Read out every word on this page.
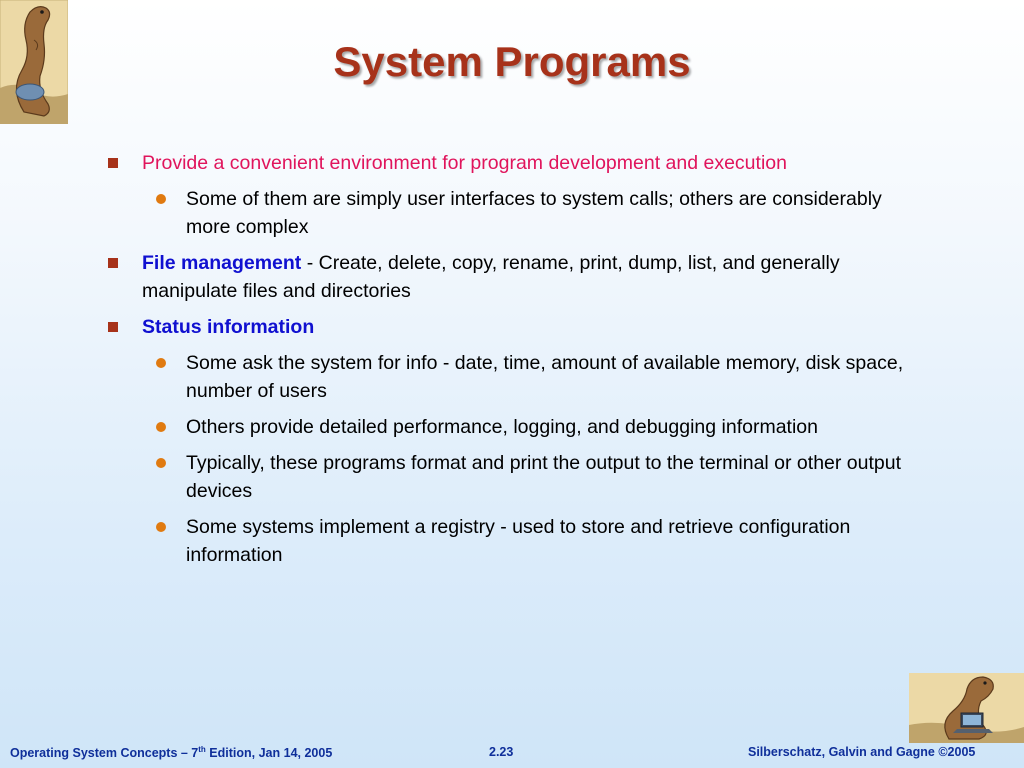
System Programs
Provide a convenient environment for program development and execution
Some of them are simply user interfaces to system calls; others are considerably more complex
File management - Create, delete, copy, rename, print, dump, list, and generally manipulate files and directories
Status information
Some ask the system for info - date, time, amount of available memory, disk space, number of users
Others provide detailed performance, logging, and debugging information
Typically, these programs format and print the output to the terminal or other output devices
Some systems implement a registry - used to store and retrieve configuration information
Operating System Concepts – 7th Edition, Jan 14, 2005	2.23	Silberschatz, Galvin and Gagne ©2005
